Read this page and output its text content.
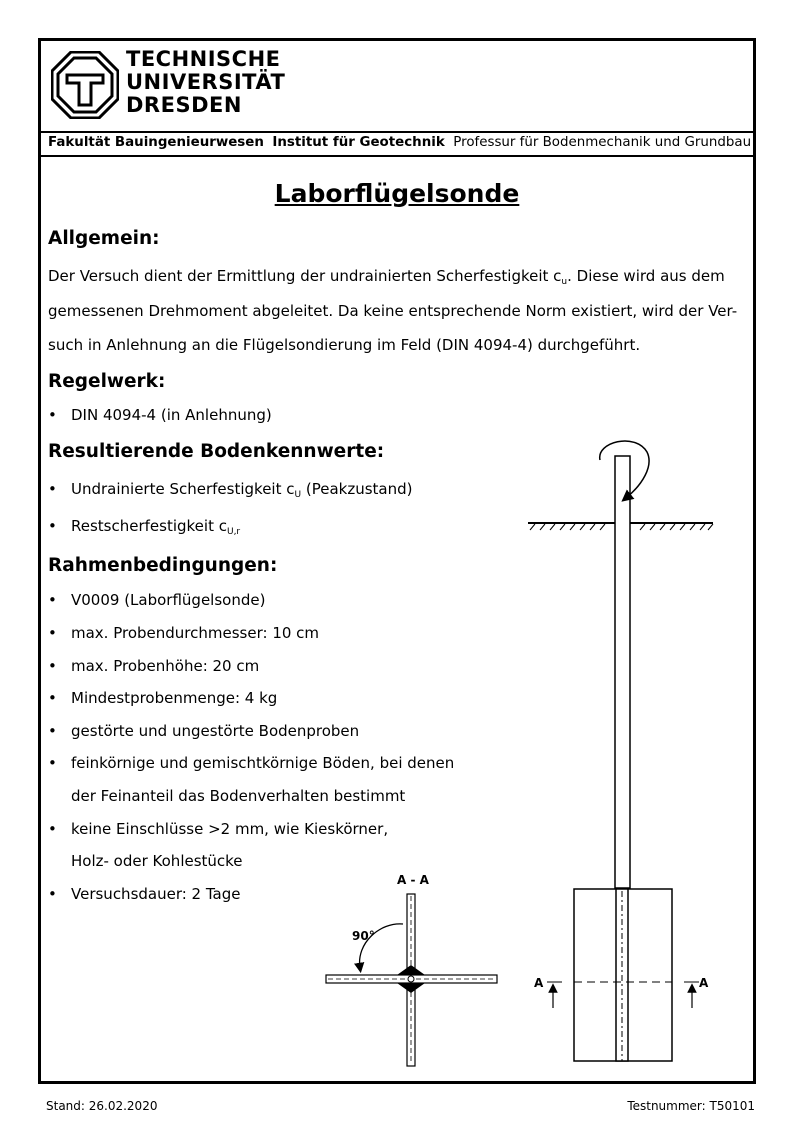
TECHNISCHE
UNIVERSITÄT
DRESDEN
Fakultät Bauingenieurwesen Institut für Geotechnik Professur für Bodenmechanik und Grundbau
Laborflügelsonde
Allgemein:
Der Versuch dient der Ermittlung der undrainierten Scherfestigkeit $c_u$. Diese wird aus dem
gemessenen Drehmoment abgeleitet. Da keine entsprechende Norm existiert, wird der Ver-
such in Anlehnung an die Flügelsondierung im Feld (DIN 4094-4) durchgeführt.
Regelwerk:
• DIN 4094-4 (in Anlehnung)
Resultierende Bodenkennwerte:
• Undrainierte Scherfestigkeit $c_U$ (Peakzustand)
• Restscherfestigkeit $c_{U,r}$
Rahmenbedingungen:
• V0009 (Laborflügelsonde)
• max. Probendurchmesser: 10 cm
• max. Probenhöhe: 20 cm
• Mindestprobenmenge: 4 kg
• gestörte und ungestörte Bodenproben
• feinkörnige und gemischtkörnige Böden, bei denen
der Feinanteil das Bodenverhalten bestimmt
• keine Einschlüsse >2 mm, wie Kieskörner,
Holz- oder Kohlestücke
• Versuchsdauer: 2 Tage
A	A
A - A
90°
Stand: 26.02.2020	Testnummer: T50101
